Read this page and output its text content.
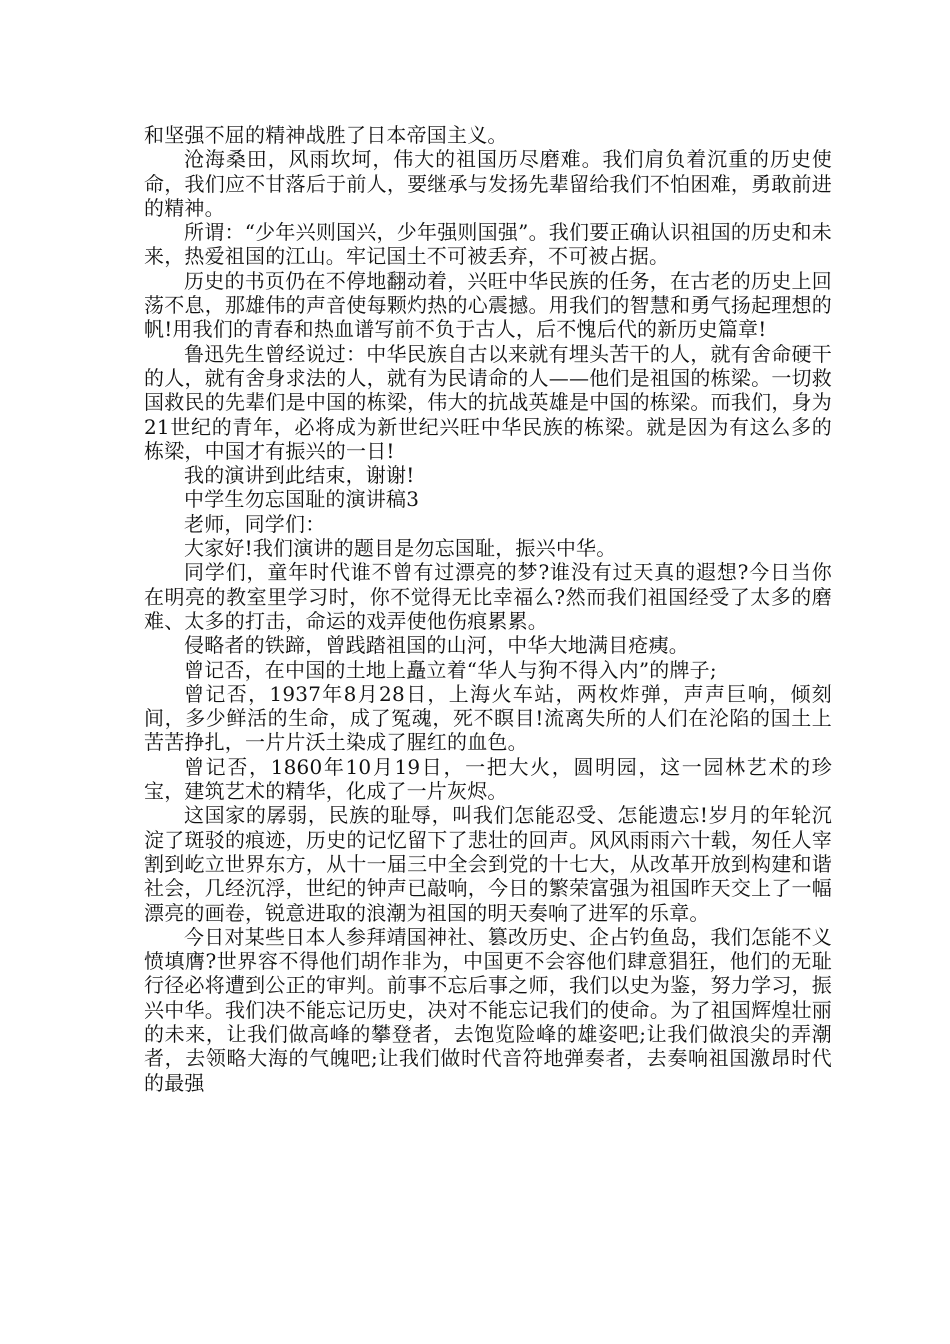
和坚强不屈的精神战胜了日本帝国主义。

沧海桑田，风雨坎坷，伟大的祖国历尽磨难。我们肩负着沉重的历史使命，我们应不甘落后于前人，要继承与发扬先辈留给我们不怕困难，勇敢前进的精神。

所谓：“少年兴则国兴，少年强则国强”。我们要正确认识祖国的历史和未来，热爱祖国的江山。牢记国土不可被丢弃，不可被占据。

历史的书页仍在不停地翻动着，兴旺中华民族的任务，在古老的历史上回荡不息，那雄伟的声音使每颗灼热的心震撼。用我们的智慧和勇气扬起理想的帆!用我们的青春和热血谱写前不负于古人，后不愧后代的新历史篇章!

鲁迅先生曾经说过：中华民族自古以来就有埋头苦干的人，就有舍命硬干的人，就有舍身求法的人，就有为民请命的人——他们是祖国的栋梁。一切救国救民的先辈们是中国的栋梁，伟大的抗战英雄是中国的栋梁。而我们，身为21世纪的青年，必将成为新世纪兴旺中华民族的栋梁。就是因为有这么多的栋梁，中国才有振兴的一日!

我的演讲到此结束，谢谢!

中学生勿忘国耻的演讲稿3

老师，同学们：

大家好!我们演讲的题目是勿忘国耻，振兴中华。

同学们，童年时代谁不曾有过漂亮的梦?谁没有过天真的遐想?今日当你在明亮的教室里学习时，你不觉得无比幸福么?然而我们祖国经受了太多的磨难、太多的打击，命运的戏弄使他伤痕累累。

侵略者的铁蹄，曾践踏祖国的山河，中华大地满目疮痍。

曾记否，在中国的土地上矗立着“华人与狗不得入内”的牌子;

曾记否，1937年8月28日，上海火车站，两枚炸弹，声声巨响，倾刻间，多少鲜活的生命，成了冤魂，死不瞑目!流离失所的人们在沦陷的国土上苦苦挣扎，一片片沃土染成了腥红的血色。

曾记否，1860年10月19日，一把大火，圆明园，这一园林艺术的珍宝，建筑艺术的精华，化成了一片灰烬。

这国家的孱弱，民族的耻辱，叫我们怎能忍受、怎能遗忘!岁月的年轮沉淀了斑驳的痕迹，历史的记忆留下了悲壮的回声。风风雨雨六十载，匆任人宰割到屹立世界东方，从十一届三中全会到党的十七大，从改革开放到构建和谐社会，几经沉浮，世纪的钟声已敲响，今日的繁荣富强为祖国昨天交上了一幅漂亮的画卷，锐意进取的浪潮为祖国的明天奏响了进军的乐章。

今日对某些日本人参拜靖国神社、篡改历史、企占钓鱼岛，我们怎能不义愤填膺?世界容不得他们胡作非为，中国更不会容他们肆意猖狂，他们的无耻行径必将遭到公正的审判。前事不忘后事之师，我们以史为鉴，努力学习，振兴中华。我们决不能忘记历史，决对不能忘记我们的使命。为了祖国辉煌壮丽的未来，让我们做高峰的攀登者，去饱览险峰的雄姿吧;让我们做浪尖的弄潮者，去领略大海的气魄吧;让我们做时代音符地弹奏者，去奏响祖国激昂时代的最强
